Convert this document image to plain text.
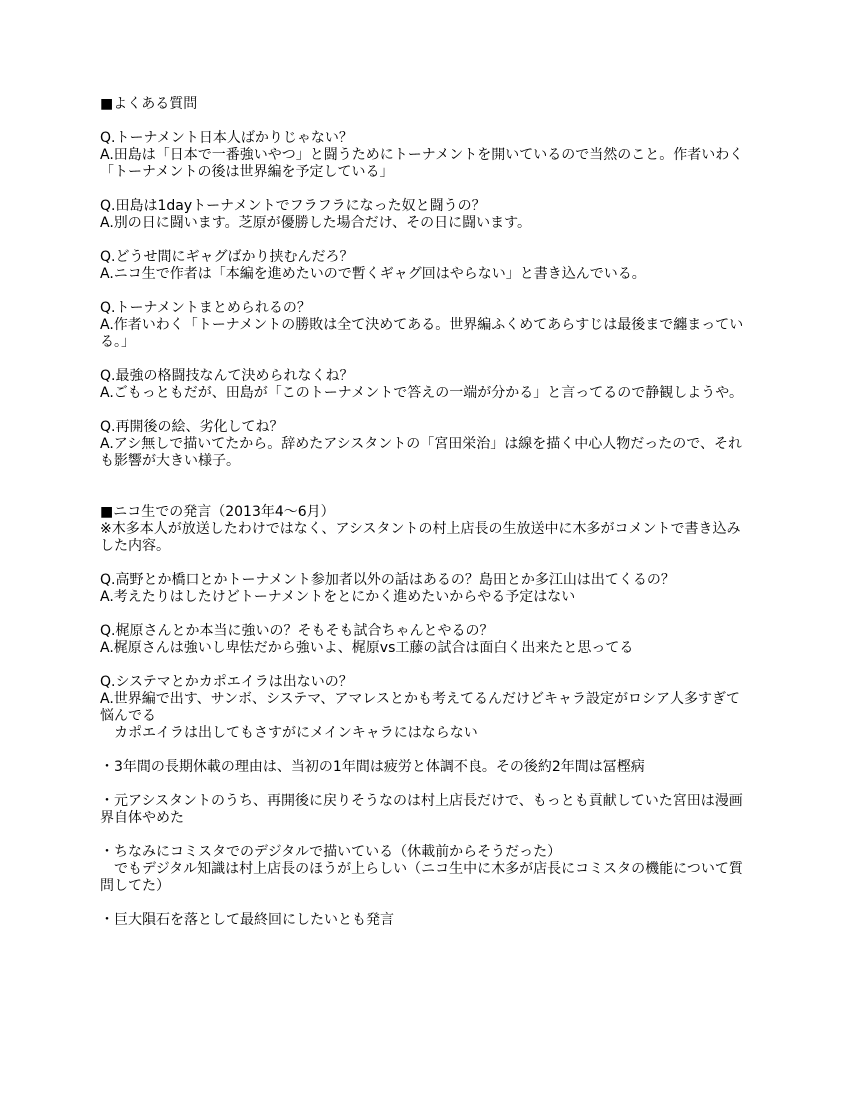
■よくある質問

Q.トーナメント日本人ばかりじゃない？

A.田島は「日本で一番強いやつ」と闘うためにトーナメントを開いているので当然のこと。作者いわく「トーナメントの後は世界編を予定している」

Q.田島は1dayトーナメントでフラフラになった奴と闘うの？

A.別の日に闘います。芝原が優勝した場合だけ、その日に闘います。

Q.どうせ間にギャグばかり挟むんだろ？

A.ニコ生で作者は「本編を進めたいので暫くギャグ回はやらない」と書き込んでいる。

Q.トーナメントまとめられるの？

A.作者いわく「トーナメントの勝敗は全て決めてある。世界編ふくめてあらすじは最後まで纏まっている。」

Q.最強の格闘技なんて決められなくね？

A.ごもっともだが、田島が「このトーナメントで答えの一端が分かる」と言ってるので静観しようや。

Q.再開後の絵、劣化してね？

A.アシ無しで描いてたから。辞めたアシスタントの「宮田栄治」は線を描く中心人物だったので、それも影響が大きい様子。

■ニコ生での発言（2013年4〜6月）

※木多本人が放送したわけではなく、アシスタントの村上店長の生放送中に木多がコメントで書き込みした内容。

Q.高野とか橋口とかトーナメント参加者以外の話はあるの？島田とか多江山は出てくるの？

A.考えたりはしたけどトーナメントをとにかく進めたいからやる予定はない

Q.梶原さんとか本当に強いの？そもそも試合ちゃんとやるの？

A.梶原さんは強いし卑怯だから強いよ、梶原vs工藤の試合は面白く出来たと思ってる

Q.システマとかカポエイラは出ないの？

A.世界編で出す、サンボ、システマ、アマレスとかも考えてるんだけどキャラ設定がロシア人多すぎて悩んでる

　カポエイラは出してもさすがにメインキャラにはならない

・3年間の長期休載の理由は、当初の1年間は疲労と体調不良。その後約2年間は冨樫病

・元アシスタントのうち、再開後に戻りそうなのは村上店長だけで、もっとも貢献していた宮田は漫画界自体やめた

・ちなみにコミスタでのデジタルで描いている（休載前からそうだった）

　でもデジタル知識は村上店長のほうが上らしい（ニコ生中に木多が店長にコミスタの機能について質問してた）

・巨大隕石を落として最終回にしたいとも発言
